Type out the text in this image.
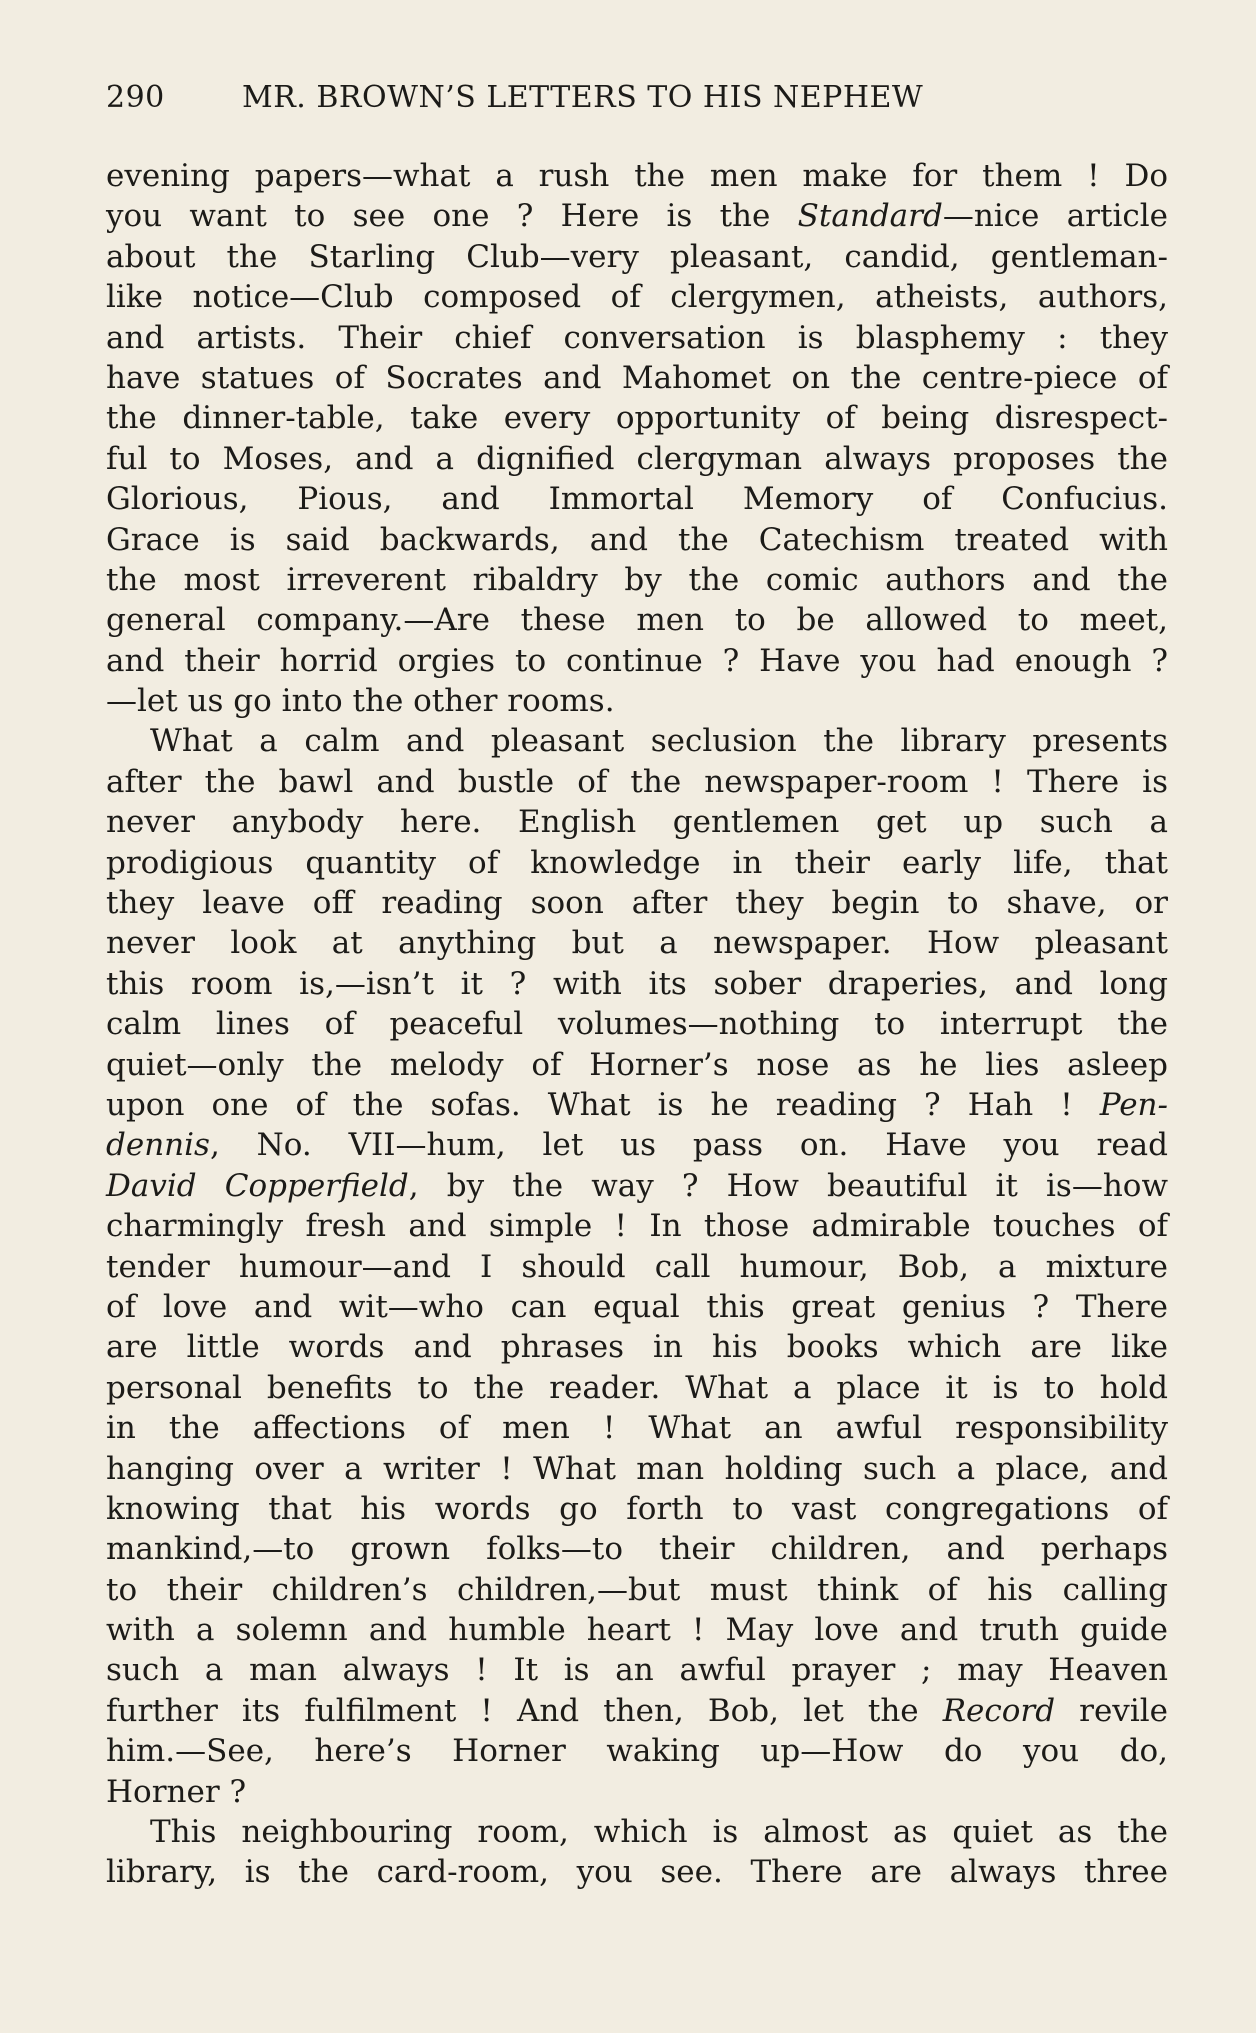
290	MR. BROWN’S LETTERS TO HIS NEPHEW
evening papers—what a rush the men make for them ! Do
you want to see one ? Here is the Standard—nice article
about the Starling Club—very pleasant, candid, gentleman-
like notice—Club composed of clergymen, atheists, authors,
and artists. Their chief conversation is blasphemy : they
have statues of Socrates and Mahomet on the centre-piece of
the dinner-table, take every opportunity of being disrespect-
ful to Moses, and a dignified clergyman always proposes the
Glorious, Pious, and Immortal Memory of Confucius.
Grace is said backwards, and the Catechism treated with
the most irreverent ribaldry by the comic authors and the
general company.—Are these men to be allowed to meet,
and their horrid orgies to continue ? Have you had enough ?
—let us go into the other rooms.
What a calm and pleasant seclusion the library presents
after the bawl and bustle of the newspaper-room ! There is
never anybody here. English gentlemen get up such a
prodigious quantity of knowledge in their early life, that
they leave off reading soon after they begin to shave, or
never look at anything but a newspaper. How pleasant
this room is,—isn’t it ? with its sober draperies, and long
calm lines of peaceful volumes—nothing to interrupt the
quiet—only the melody of Horner’s nose as he lies asleep
upon one of the sofas. What is he reading ? Hah ! Pen-
dennis, No. VII—hum, let us pass on. Have you read
David Copperfield, by the way ? How beautiful it is—how
charmingly fresh and simple ! In those admirable touches of
tender humour—and I should call humour, Bob, a mixture
of love and wit—who can equal this great genius ? There
are little words and phrases in his books which are like
personal benefits to the reader. What a place it is to hold
in the affections of men ! What an awful responsibility
hanging over a writer ! What man holding such a place, and
knowing that his words go forth to vast congregations of
mankind,—to grown folks—to their children, and perhaps
to their children’s children,—but must think of his calling
with a solemn and humble heart ! May love and truth guide
such a man always ! It is an awful prayer ; may Heaven
further its fulfilment ! And then, Bob, let the Record revile
him.—See, here’s Horner waking up—How do you do,
Horner ?
This neighbouring room, which is almost as quiet as the
library, is the card-room, you see. There are always three
